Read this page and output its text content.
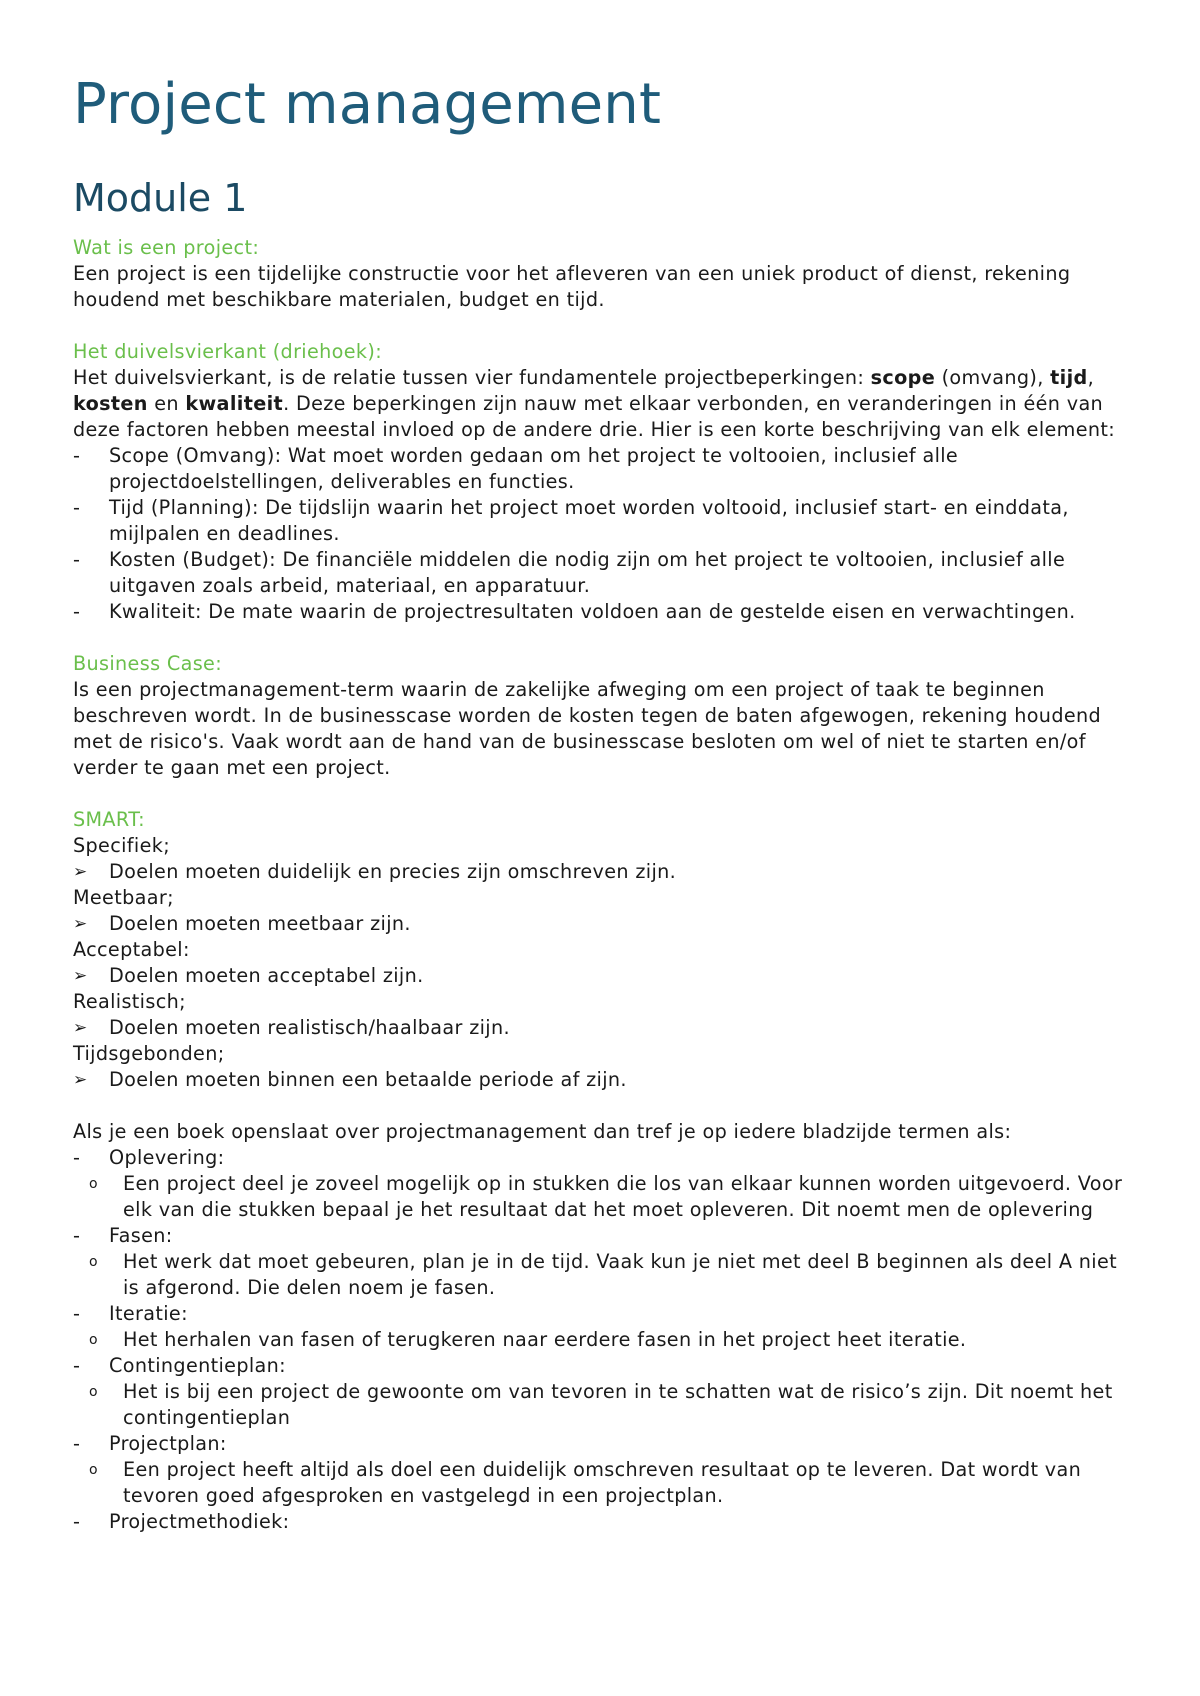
Project management
Module 1

Wat is een project:

Een project is een tijdelijke constructie voor het afleveren van een uniek product of dienst, rekening houdend met beschikbare materialen, budget en tijd.

Het duivelsvierkant (driehoek):

Het duivelsvierkant, is de relatie tussen vier fundamentele projectbeperkingen: scope (omvang), tijd, kosten en kwaliteit. Deze beperkingen zijn nauw met elkaar verbonden, en veranderingen in één van deze factoren hebben meestal invloed op de andere drie. Hier is een korte beschrijving van elk element:

-	Scope (Omvang): Wat moet worden gedaan om het project te voltooien, inclusief alle projectdoelstellingen, deliverables en functies.
-	Tijd (Planning): De tijdslijn waarin het project moet worden voltooid, inclusief start- en einddata, mijlpalen en deadlines.
-	Kosten (Budget): De financiële middelen die nodig zijn om het project te voltooien, inclusief alle uitgaven zoals arbeid, materiaal, en apparatuur.
-	Kwaliteit: De mate waarin de projectresultaten voldoen aan de gestelde eisen en verwachtingen.

Business Case:

Is een projectmanagement-term waarin de zakelijke afweging om een project of taak te beginnen beschreven wordt. In de businesscase worden de kosten tegen de baten afgewogen, rekening houdend met de risico's. Vaak wordt aan de hand van de businesscase besloten om wel of niet te starten en/of verder te gaan met een project.

SMART:

Specifiek;

➢	Doelen moeten duidelijk en precies zijn omschreven zijn.

Meetbaar;

➢	Doelen moeten meetbaar zijn.

Acceptabel:

➢	Doelen moeten acceptabel zijn.

Realistisch;

➢	Doelen moeten realistisch/haalbaar zijn.

Tijdsgebonden;

➢	Doelen moeten binnen een betaalde periode af zijn.

Als je een boek openslaat over projectmanagement dan tref je op iedere bladzijde termen als:

-	Oplevering:
o	Een project deel je zoveel mogelijk op in stukken die los van elkaar kunnen worden uitgevoerd. Voor elk van die stukken bepaal je het resultaat dat het moet opleveren. Dit noemt men de oplevering
-	Fasen:
o	Het werk dat moet gebeuren, plan je in de tijd. Vaak kun je niet met deel B beginnen als deel A niet is afgerond. Die delen noem je fasen.
-	Iteratie:
o	Het herhalen van fasen of terugkeren naar eerdere fasen in het project heet iteratie.
-	Contingentieplan:
o	Het is bij een project de gewoonte om van tevoren in te schatten wat de risico’s zijn. Dit noemt het contingentieplan
-	Projectplan:
o	Een project heeft altijd als doel een duidelijk omschreven resultaat op te leveren. Dat wordt van tevoren goed afgesproken en vastgelegd in een projectplan.
-	Projectmethodiek:
